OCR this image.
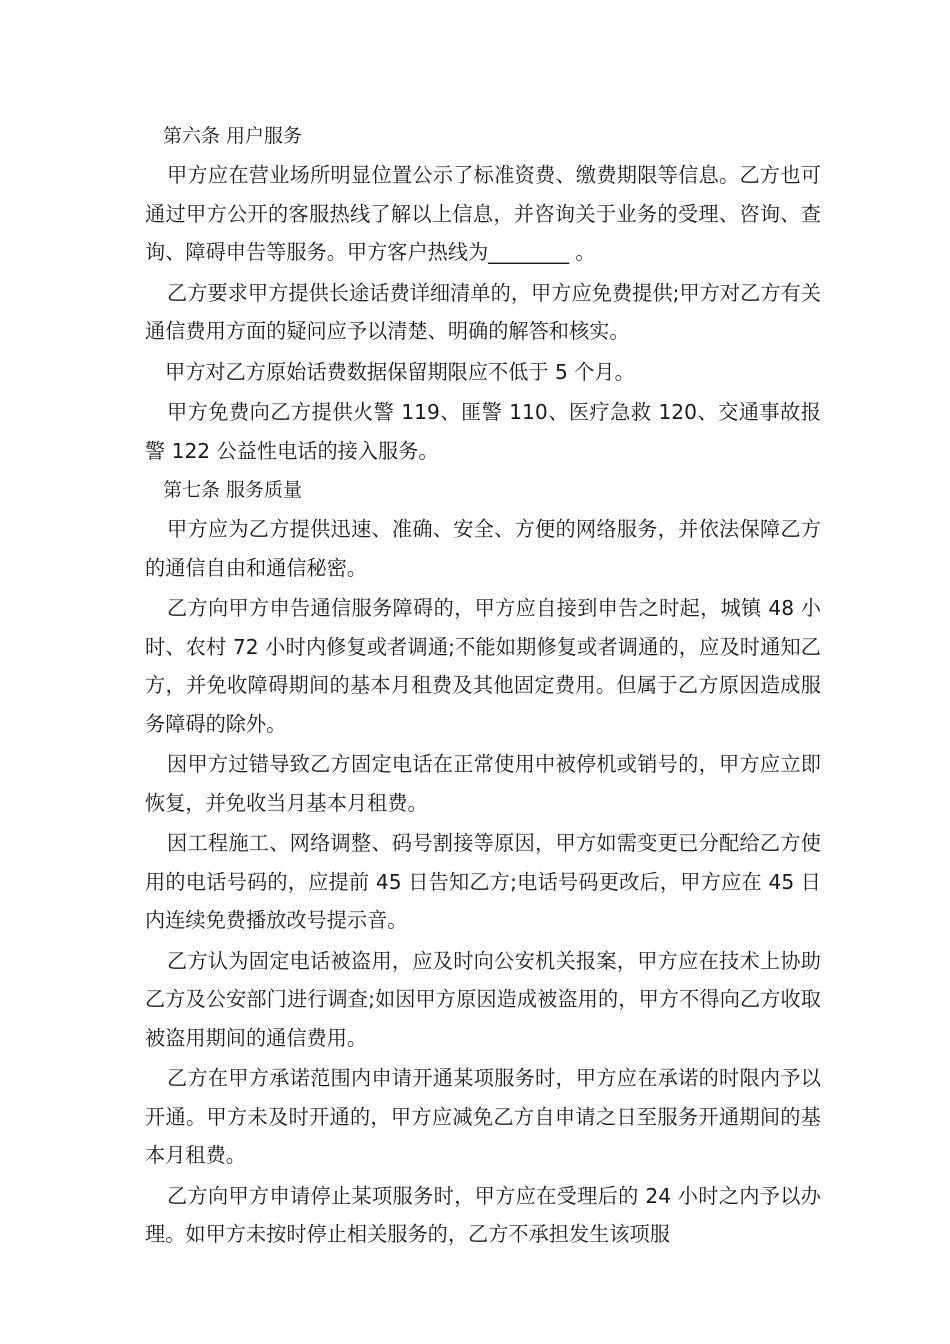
第六条 用户服务

甲方应在营业场所明显位置公示了标准资费、缴费期限等信息。乙方也可通过甲方公开的客服热线了解以上信息，并咨询关于业务的受理、咨询、查询、障碍申告等服务。甲方客户热线为________ 。

乙方要求甲方提供长途话费详细清单的，甲方应免费提供;甲方对乙方有关通信费用方面的疑问应予以清楚、明确的解答和核实。

甲方对乙方原始话费数据保留期限应不低于 5 个月。

甲方免费向乙方提供火警 119、匪警 110、医疗急救 120、交通事故报警 122 公益性电话的接入服务。

第七条 服务质量

甲方应为乙方提供迅速、准确、安全、方便的网络服务，并依法保障乙方的通信自由和通信秘密。

乙方向甲方申告通信服务障碍的，甲方应自接到申告之时起，城镇 48 小时、农村 72 小时内修复或者调通;不能如期修复或者调通的，应及时通知乙方，并免收障碍期间的基本月租费及其他固定费用。但属于乙方原因造成服务障碍的除外。

因甲方过错导致乙方固定电话在正常使用中被停机或销号的，甲方应立即恢复，并免收当月基本月租费。

因工程施工、网络调整、码号割接等原因，甲方如需变更已分配给乙方使用的电话号码的，应提前 45 日告知乙方;电话号码更改后，甲方应在 45 日内连续免费播放改号提示音。

乙方认为固定电话被盗用，应及时向公安机关报案，甲方应在技术上协助乙方及公安部门进行调查;如因甲方原因造成被盗用的，甲方不得向乙方收取被盗用期间的通信费用。

乙方在甲方承诺范围内申请开通某项服务时，甲方应在承诺的时限内予以开通。甲方未及时开通的，甲方应减免乙方自申请之日至服务开通期间的基本月租费。

乙方向甲方申请停止某项服务时，甲方应在受理后的 24 小时之内予以办理。如甲方未按时停止相关服务的，乙方不承担发生该项服
